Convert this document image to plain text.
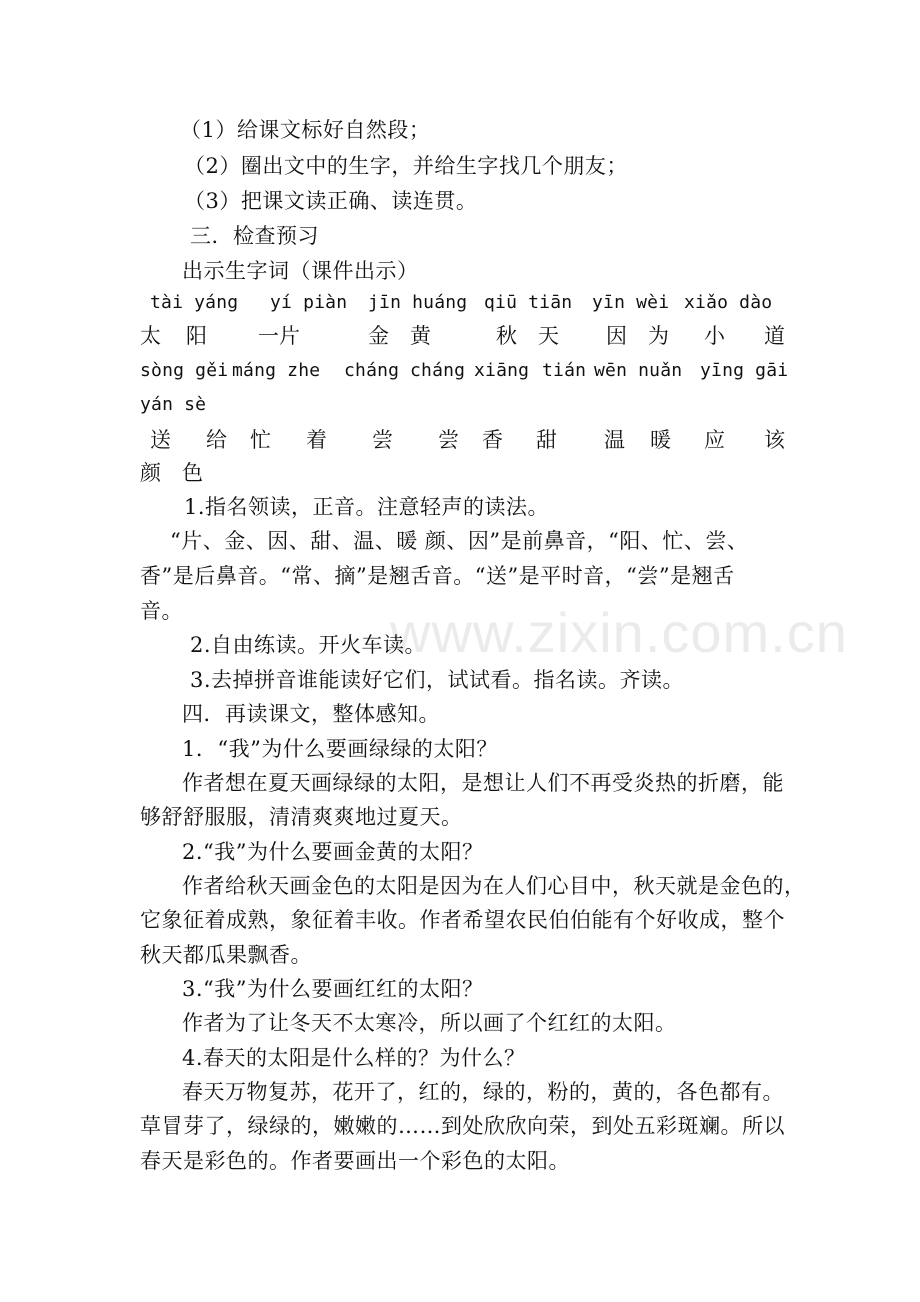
（1）给课文标好自然段；
（2）圈出文中的生字，并给生字找几个朋友；
（3）把课文读正确、读连贯。
三．检查预习
出示生字词（课件出示）
tài yáng yí piàn jīn huáng qiū tiān yīn wèi xiǎo dào
太 阳 一片	金 黄	秋 天 因 为 小 道
sòng gěi máng zhe cháng cháng xiāng tián wēn nuǎn yīng gāi
yán sè
送 给 忙 着 尝 尝 香 甜 温 暖 应 该
颜　色
1.指名领读，正音。注意轻声的读法。
“片、金、因、甜、温、暖 颜、因”是前鼻音，“阳、忙、尝、
香”是后鼻音。“常、摘”是翘舌音。“送”是平时音，“尝”是翘舌
音。
2.自由练读。开火车读。
3.去掉拼音谁能读好它们，试试看。指名读。齐读。
四．再读课文，整体感知。
1．“我”为什么要画绿绿的太阳？
作者想在夏天画绿绿的太阳，是想让人们不再受炎热的折磨，能
够舒舒服服，清清爽爽地过夏天。
2.“我”为什么要画金黄的太阳？
作者给秋天画金色的太阳是因为在人们心目中，秋天就是金色的，
它象征着成熟，象征着丰收。作者希望农民伯伯能有个好收成，整个
秋天都瓜果飘香。
3.“我”为什么要画红红的太阳？
作者为了让冬天不太寒冷，所以画了个红红的太阳。
4.春天的太阳是什么样的？为什么？
春天万物复苏，花开了，红的，绿的，粉的，黄的，各色都有。
草冒芽了，绿绿的，嫩嫩的……到处欣欣向荣，到处五彩斑斓。所以
春天是彩色的。作者要画出一个彩色的太阳。
www.zixin.com.cn
